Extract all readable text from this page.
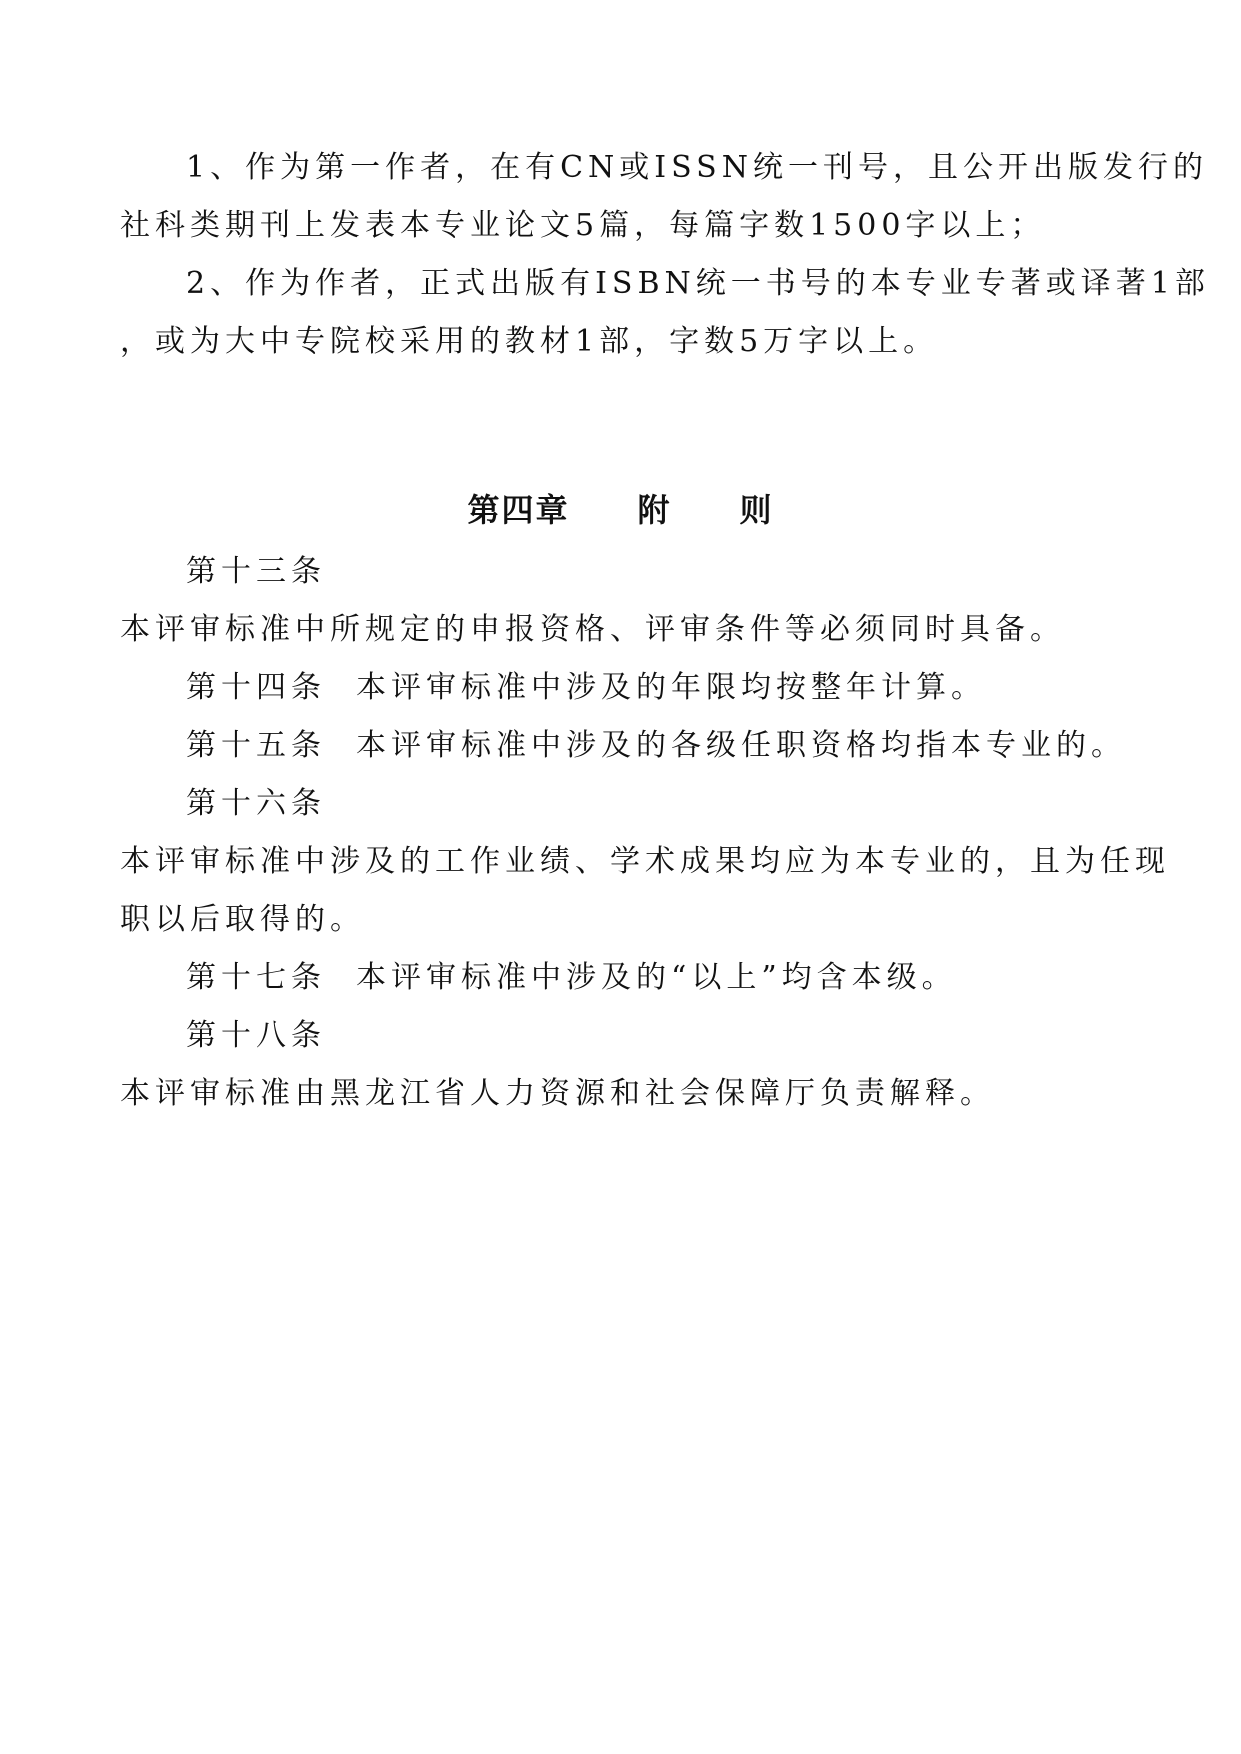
1、作为第一作者，在有CN或ISSN统一刊号，且公开出版发行的
社科类期刊上发表本专业论文5篇，每篇字数1500字以上；
2、作为作者，正式出版有ISBN统一书号的本专业专著或译著1部
，或为大中专院校采用的教材1部，字数5万字以上。
第四章　　附　　则
第十三条
本评审标准中所规定的申报资格、评审条件等必须同时具备。
第十四条 本评审标准中涉及的年限均按整年计算。
第十五条 本评审标准中涉及的各级任职资格均指本专业的。
第十六条
本评审标准中涉及的工作业绩、学术成果均应为本专业的，且为任现
职以后取得的。
第十七条 本评审标准中涉及的“以上”均含本级。
第十八条
本评审标准由黑龙江省人力资源和社会保障厅负责解释。
